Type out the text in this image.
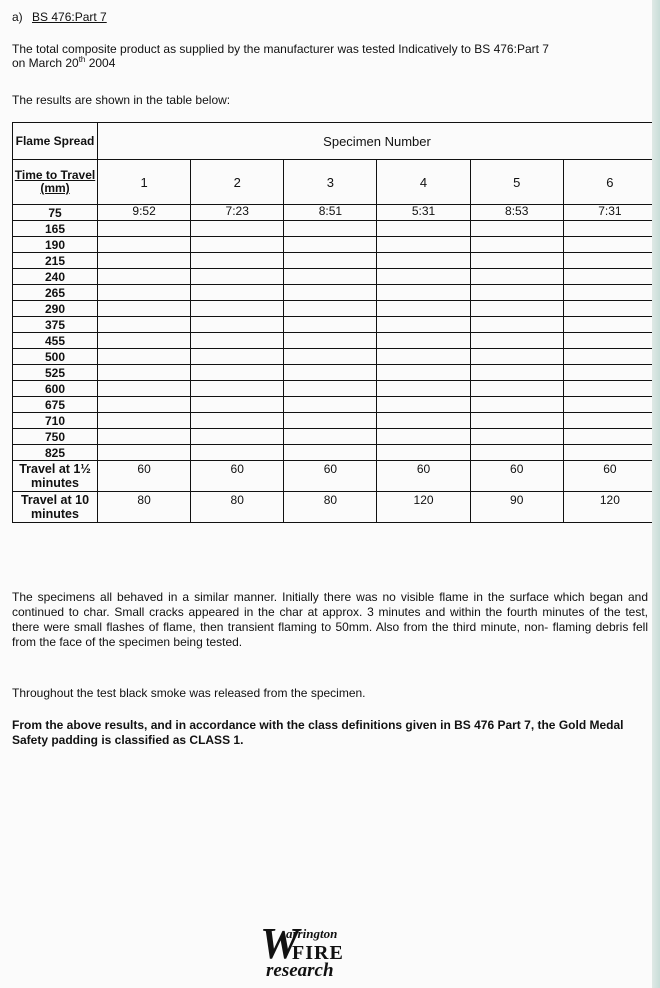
a) BS 476:Part 7
The total composite product as supplied by the manufacturer was tested Indicatively to BS 476:Part 7
on March 20th 2004
The results are shown in the table below:
Flame Spread	Specimen Number					
Time to Travel (mm)	1	2	3	4	5	6
75	9:52	7:23	8:51	5:31	8:53	7:31
165						
190						
215						
240						
265						
290						
375						
455						
500						
525						
600						
675						
710						
750						
825						
Travel at 1½ minutes	60	60	60	60	60	60
Travel at 10 minutes	80	80	80	120	90	120
The specimens all behaved in a similar manner. Initially there was no visible flame in the surface which began and continued to char. Small cracks appeared in the char at approx. 3 minutes and within the fourth minutes of the test, there were small flashes of flame, then transient flaming to 50mm. Also from the third minute, non- flaming debris fell from the face of the specimen being tested.
Throughout the test black smoke was released from the specimen.
From the above results, and in accordance with the class definitions given in BS 476 Part 7, the Gold Medal Safety padding is classified as CLASS 1.
W
arrington
FIRE
research
